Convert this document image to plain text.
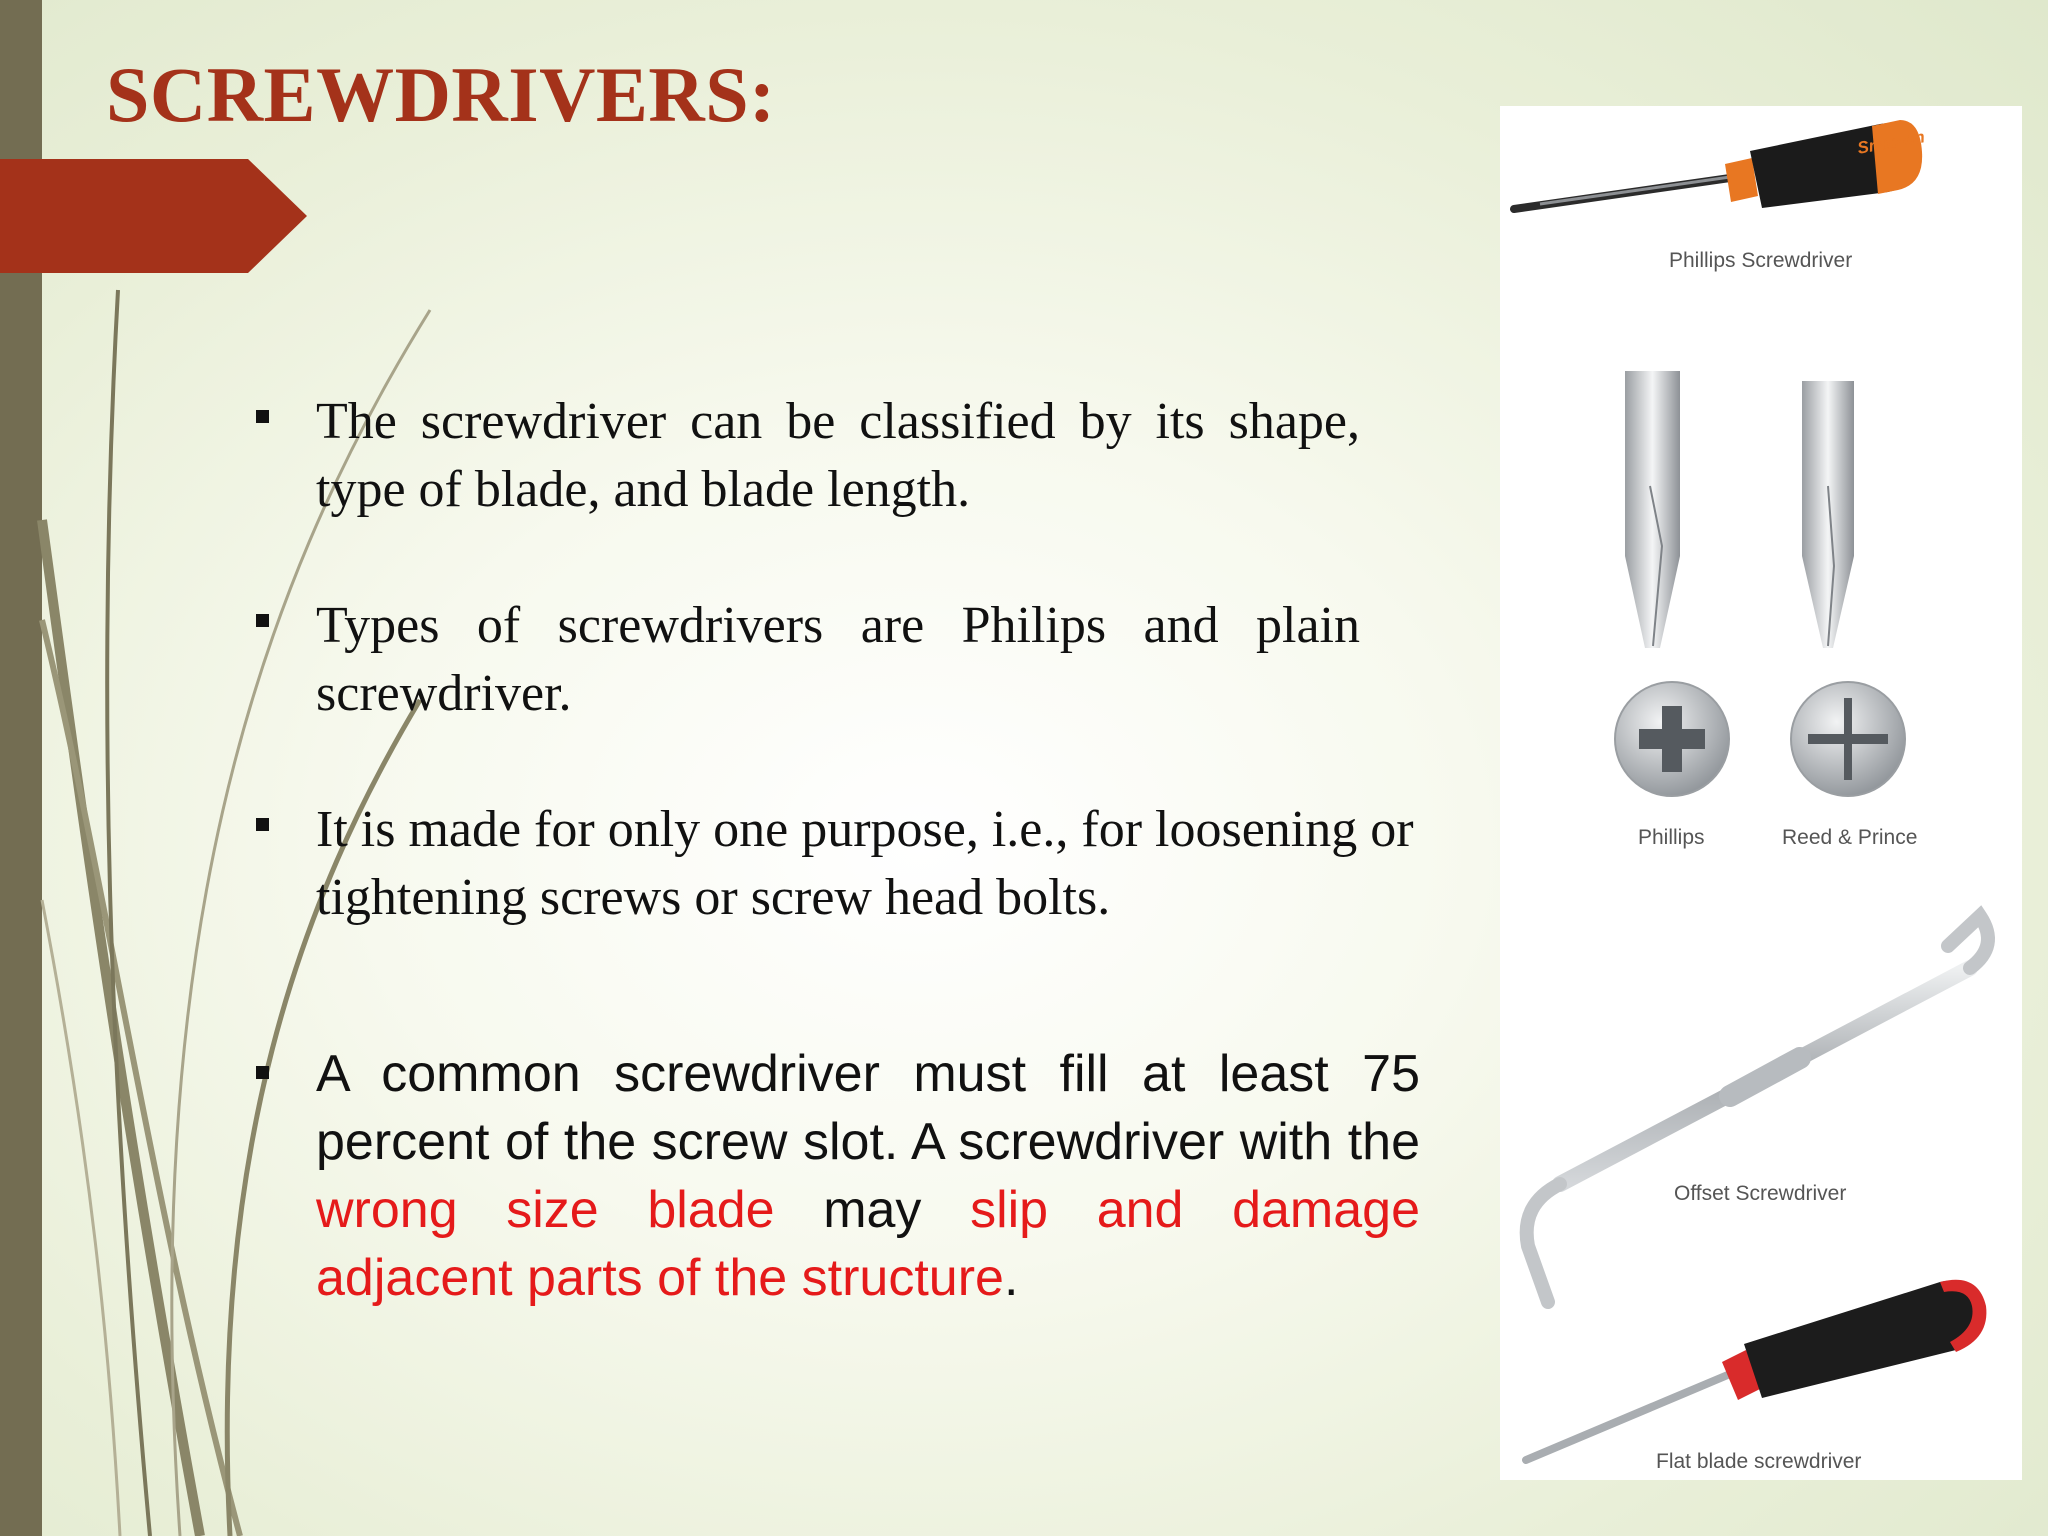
SCREWDRIVERS:
The screwdriver can be classified by its shape, type of blade, and blade length.
Types of screwdrivers are Philips and plain screwdriver.
It is made for only one purpose, i.e., for loosening or tightening screws or screw head bolts.
A common screwdriver must fill at least 75 percent of the screw slot. A screwdriver with the wrong size blade may slip and damage adjacent parts of the structure.
Snap-on
Phillips Screwdriver
Phillips	Reed & Prince
Offset Screwdriver
Flat blade screwdriver
